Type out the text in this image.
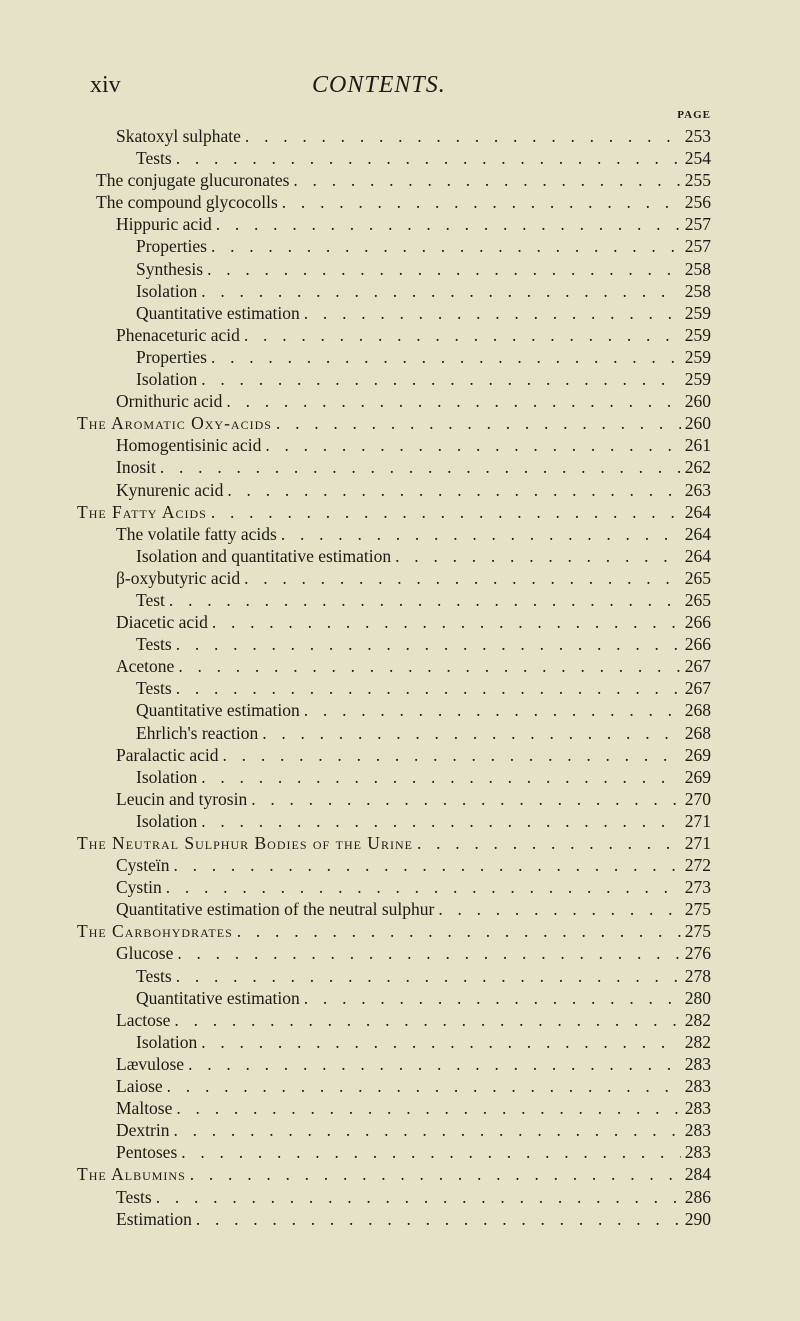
xiv	CONTENTS.
PAGE
Skatoxyl sulphate . . .	253
Tests . . .	254
The conjugate glucuronates . . .	255
The compound glycocolls . . .	256
Hippuric acid . . .	257
Properties . . .	257
Synthesis . . .	258
Isolation . . .	258
Quantitative estimation . . .	259
Phenaceturic acid . . .	259
Properties . . .	259
Isolation . . .	259
Ornithuric acid . . .	260
The Aromatic Oxy-acids . . .	260
Homogentisinic acid . . .	261
Inosit . . .	262
Kynurenic acid . . .	263
The Fatty Acids . . .	264
The volatile fatty acids . . .	264
Isolation and quantitative estimation . . .	264
β-oxybutyric acid . . .	265
Test . . .	265
Diacetic acid . . .	266
Tests . . .	266
Acetone . . .	267
Tests . . .	267
Quantitative estimation . . .	268
Ehrlich's reaction . . .	268
Paralactic acid . . .	269
Isolation . . .	269
Leucin and tyrosin . . .	270
Isolation . . .	271
The Neutral Sulphur Bodies of the Urine . . .	271
Cysteïn . . .	272
Cystin . . .	273
Quantitative estimation of the neutral sulphur . . .	275
The Carbohydrates . . .	275
Glucose . . .	276
Tests . . .	278
Quantitative estimation . . .	280
Lactose . . .	282
Isolation . . .	282
Lævulose . . .	283
Laiose . . .	283
Maltose . . .	283
Dextrin . . .	283
Pentoses . . .	283
The Albumins . . .	284
Tests . . .	286
Estimation . . .	290
